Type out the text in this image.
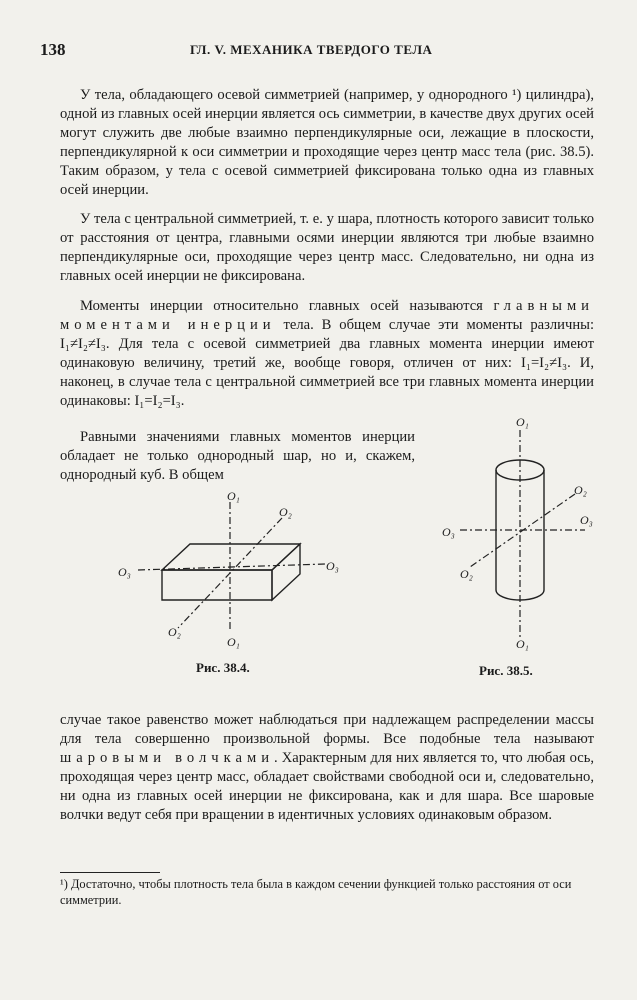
138	ГЛ. V. МЕХАНИКА ТВЕРДОГО ТЕЛА

У тела, обладающего осевой симметрией (например, у однородного ¹) цилиндра), одной из главных осей инерции является ось симметрии, в качестве двух других осей могут служить две любые взаимно перпендикулярные оси, лежащие в плоскости, перпендикулярной к оси симметрии и проходящие через центр масс тела (рис. 38.5). Таким образом, у тела с осевой симметрией фиксирована только одна из главных осей инерции.

У тела с центральной симметрией, т. е. у шара, плотность которого зависит только от расстояния от центра, главными осями инерции являются три любые взаимно перпендикулярные оси, проходящие через центр масс. Следовательно, ни одна из главных осей инерции не фиксирована.

Моменты инерции относительно главных осей называются главными моментами инерции тела. В общем случае эти моменты различны: I₁≠I₂≠I₃. Для тела с осевой симметрией два главных момента инерции имеют одинаковую величину, третий же, вообще говоря, отличен от них: I₁=I₂≠I₃. И, наконец, в случае тела с центральной симметрией все три главных момента инерции одинаковы: I₁=I₂=I₃.

Равными значениями главных моментов инерции обладает не только однородный шар, но и, скажем, однородный куб. В общем

O₁
O₁
O₂
O₂
O₃	O₃
Рис. 38.4.
O₁
O₁
O₂
O₂
O₃
O₃
Рис. 38.5.

случае такое равенство может наблюдаться при надлежащем распределении массы для тела совершенно произвольной формы. Все подобные тела называют шаровыми волчками. Характерным для них является то, что любая ось, проходящая через центр масс, обладает свойствами свободной оси и, следовательно, ни одна из главных осей инерции не фиксирована, как и для шара. Все шаровые волчки ведут себя при вращении в идентичных условиях одинаковым образом.

¹) Достаточно, чтобы плотность тела была в каждом сечении функцией только расстояния от оси симметрии.
